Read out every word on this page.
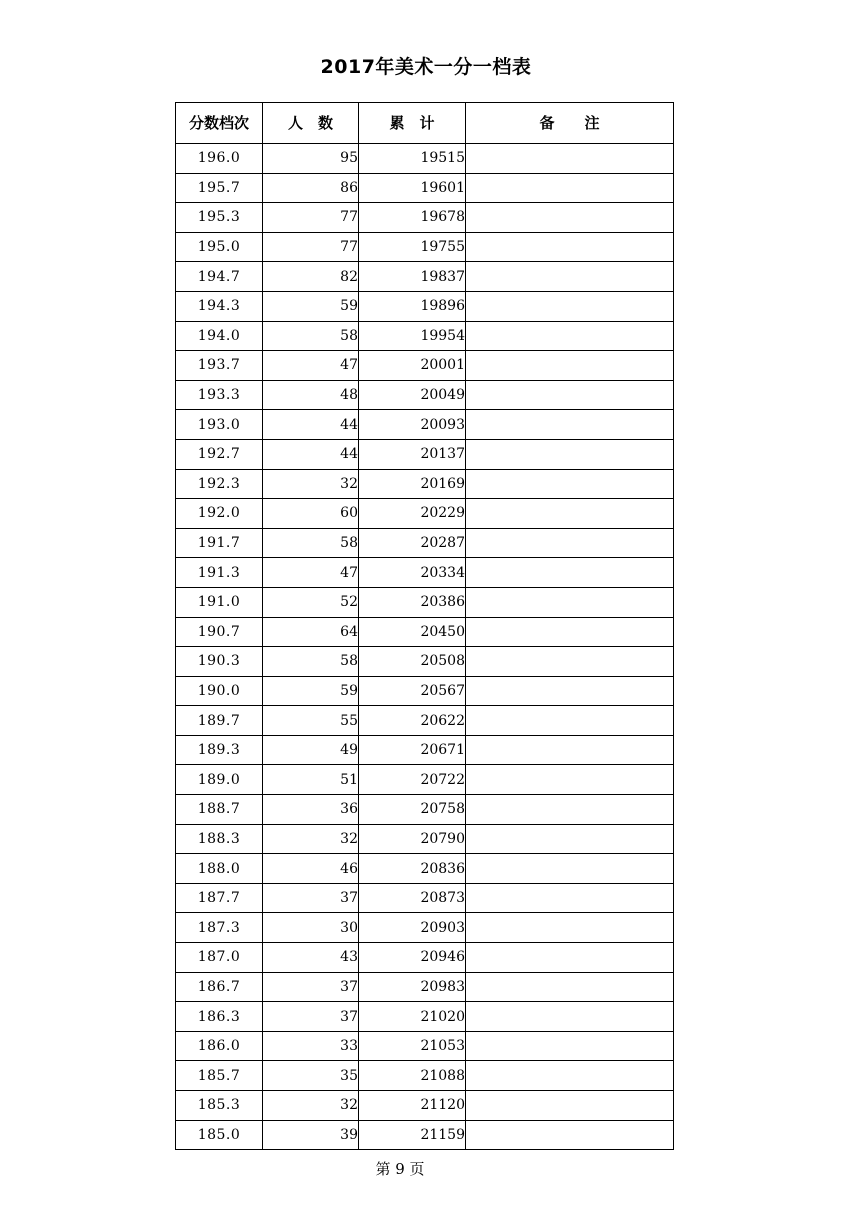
2017年美术一分一档表
分数档次	人　数	累　计	备　　注
196.0	95	19515	
195.7	86	19601	
195.3	77	19678	
195.0	77	19755	
194.7	82	19837	
194.3	59	19896	
194.0	58	19954	
193.7	47	20001	
193.3	48	20049	
193.0	44	20093	
192.7	44	20137	
192.3	32	20169	
192.0	60	20229	
191.7	58	20287	
191.3	47	20334	
191.0	52	20386	
190.7	64	20450	
190.3	58	20508	
190.0	59	20567	
189.7	55	20622	
189.3	49	20671	
189.0	51	20722	
188.7	36	20758	
188.3	32	20790	
188.0	46	20836	
187.7	37	20873	
187.3	30	20903	
187.0	43	20946	
186.7	37	20983	
186.3	37	21020	
186.0	33	21053	
185.7	35	21088	
185.3	32	21120	
185.0	39	21159	
第 9 页
